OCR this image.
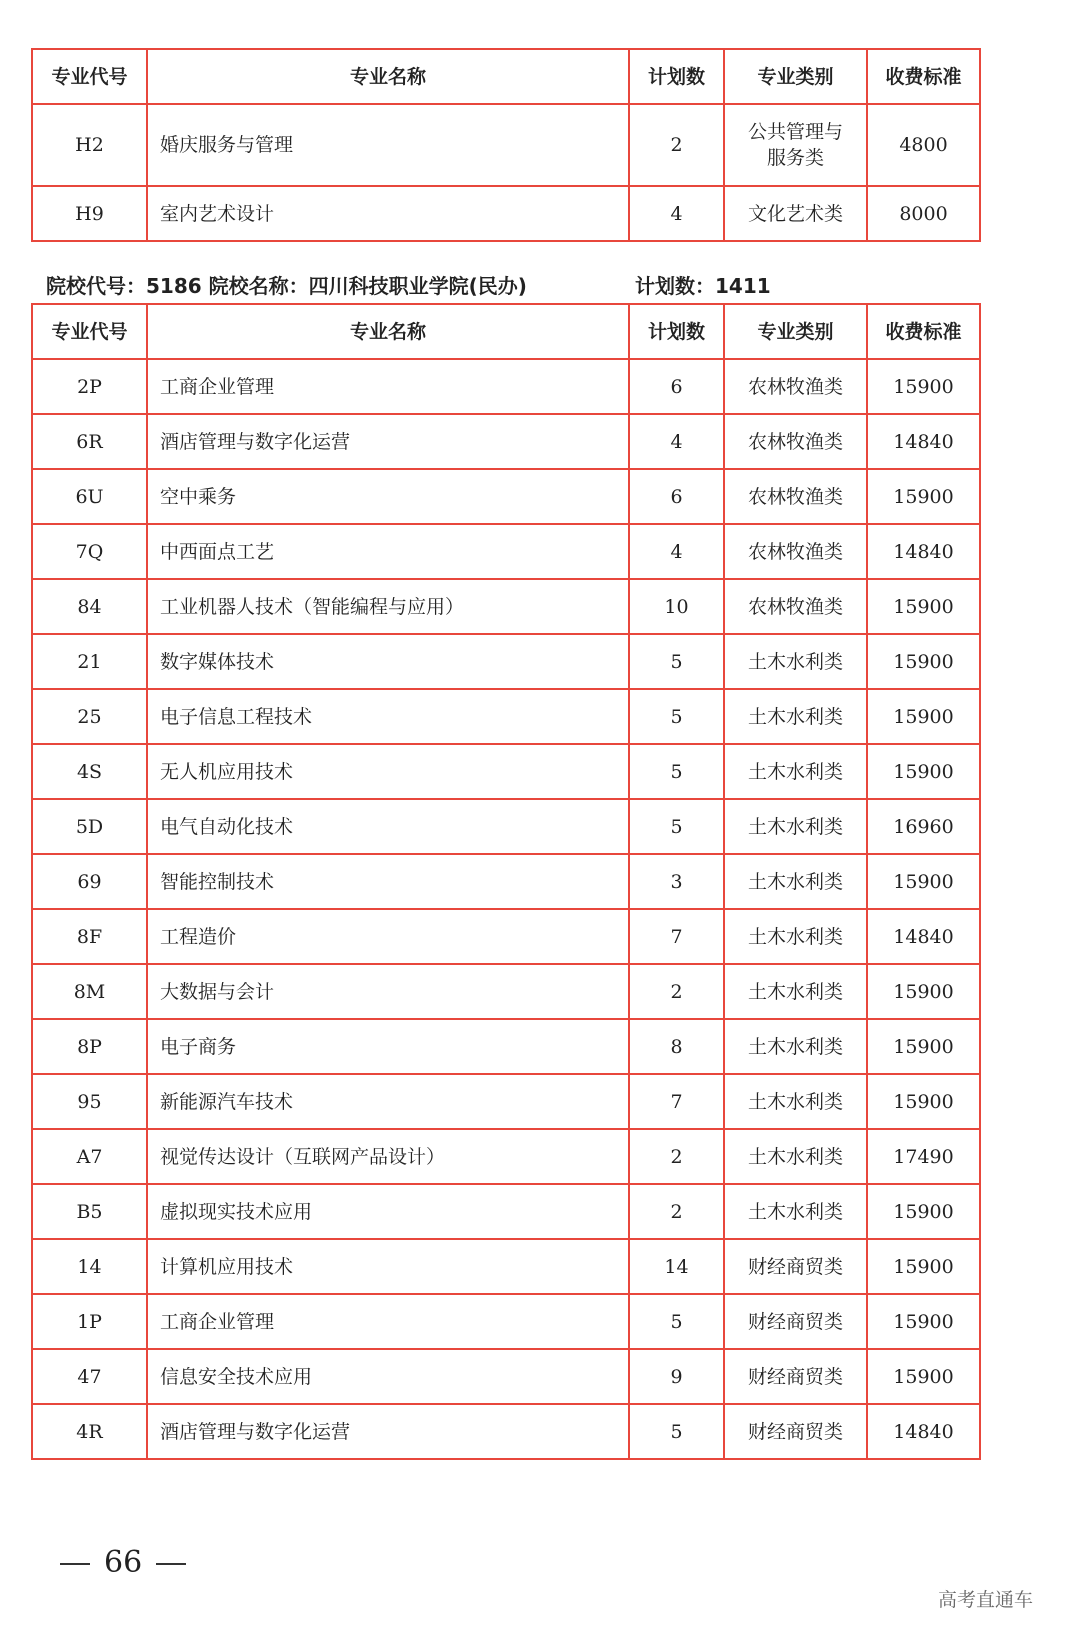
专业代号	专业名称	计划数	专业类别	收费标准
H2	婚庆服务与管理	2	公共管理与服务类	4800
H9	室内艺术设计	4	文化艺术类	8000
院校代号：5186 院校名称：四川科技职业学院(民办)	计划数：1411
专业代号	专业名称	计划数	专业类别	收费标准
2P	工商企业管理	6	农林牧渔类	15900
6R	酒店管理与数字化运营	4	农林牧渔类	14840
6U	空中乘务	6	农林牧渔类	15900
7Q	中西面点工艺	4	农林牧渔类	14840
84	工业机器人技术（智能编程与应用）	10	农林牧渔类	15900
21	数字媒体技术	5	土木水利类	15900
25	电子信息工程技术	5	土木水利类	15900
4S	无人机应用技术	5	土木水利类	15900
5D	电气自动化技术	5	土木水利类	16960
69	智能控制技术	3	土木水利类	15900
8F	工程造价	7	土木水利类	14840
8M	大数据与会计	2	土木水利类	15900
8P	电子商务	8	土木水利类	15900
95	新能源汽车技术	7	土木水利类	15900
A7	视觉传达设计（互联网产品设计）	2	土木水利类	17490
B5	虚拟现实技术应用	2	土木水利类	15900
14	计算机应用技术	14	财经商贸类	15900
1P	工商企业管理	5	财经商贸类	15900
47	信息安全技术应用	9	财经商贸类	15900
4R	酒店管理与数字化运营	5	财经商贸类	14840
66
高考直通车
